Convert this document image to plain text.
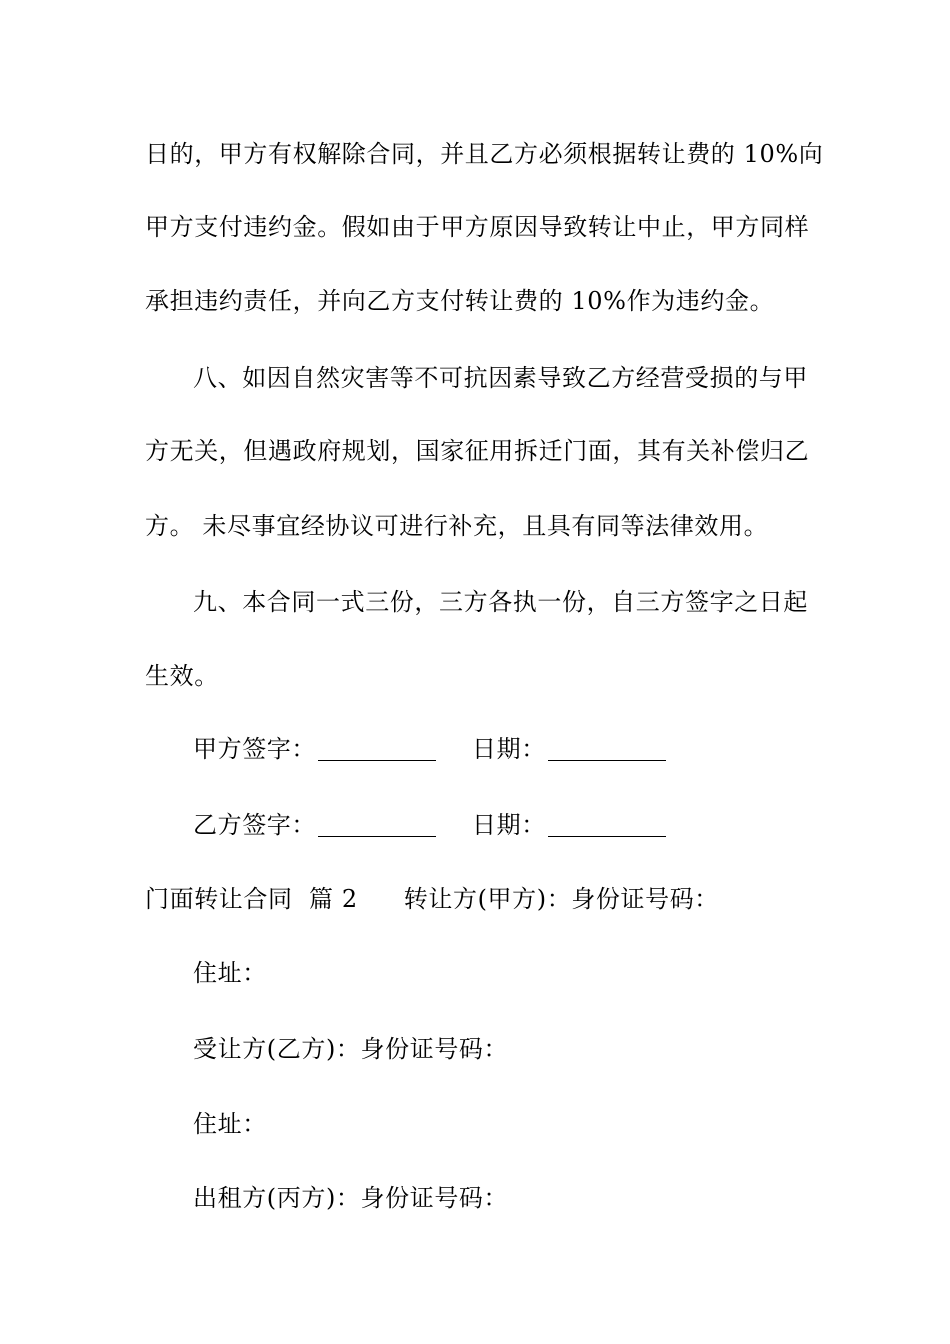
日的，甲方有权解除合同，并且乙方必须根据转让费的 10%向
甲方支付违约金。假如由于甲方原因导致转让中止，甲方同样
承担违约责任，并向乙方支付转让费的 10%作为违约金。
八、如因自然灾害等不可抗因素导致乙方经营受损的与甲
方无关，但遇政府规划，国家征用拆迁门面，其有关补偿归乙
方。 未尽事宜经协议可进行补充，且具有同等法律效用。
九、本合同一式三份，三方各执一份，自三方签字之日起
生效。
甲方签字：	日期：
乙方签字：	日期：
门面转让合同  篇 2 转让方(甲方)：身份证号码：
住址：
受让方(乙方)：身份证号码：
住址：
出租方(丙方)：身份证号码：
